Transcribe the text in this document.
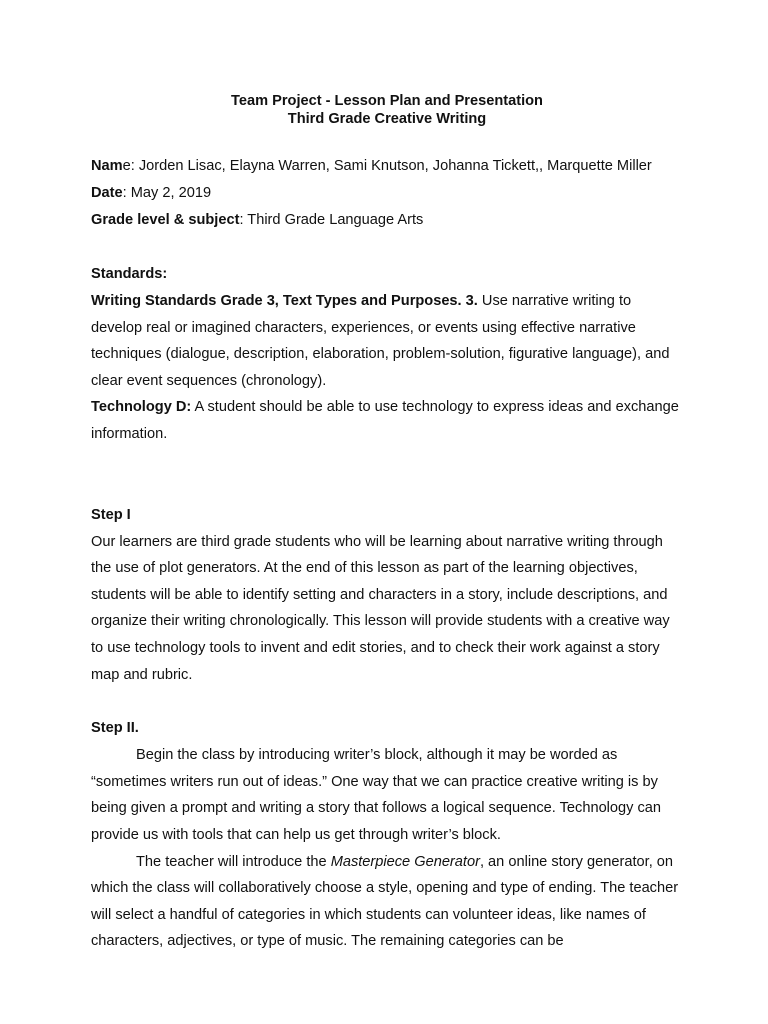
Team Project - Lesson Plan and Presentation

Third Grade Creative Writing

Name: Jorden Lisac, Elayna Warren, Sami Knutson, Johanna Tickett,, Marquette Miller

Date: May 2, 2019

Grade level & subject: Third Grade Language Arts

Standards:

Writing Standards Grade 3, Text Types and Purposes. 3. Use narrative writing to develop real or imagined characters, experiences, or events using effective narrative techniques (dialogue, description, elaboration, problem-solution, figurative language), and clear event sequences (chronology).

Technology D: A student should be able to use technology to express ideas and exchange information.

Step I

Our learners are third grade students who will be learning about narrative writing through the use of plot generators. At the end of this lesson as part of the learning objectives, students will be able to identify setting and characters in a story, include descriptions, and organize their writing chronologically. This lesson will provide students with a creative way to use technology tools to invent and edit stories, and to check their work against a story map and rubric.

Step II.

Begin the class by introducing writer’s block, although it may be worded as “sometimes writers run out of ideas.” One way that we can practice creative writing is by being given a prompt and writing a story that follows a logical sequence. Technology can provide us with tools that can help us get through writer’s block.

The teacher will introduce the Masterpiece Generator, an online story generator, on which the class will collaboratively choose a style, opening and type of ending. The teacher will select a handful of categories in which students can volunteer ideas, like names of characters, adjectives, or type of music. The remaining categories can be
